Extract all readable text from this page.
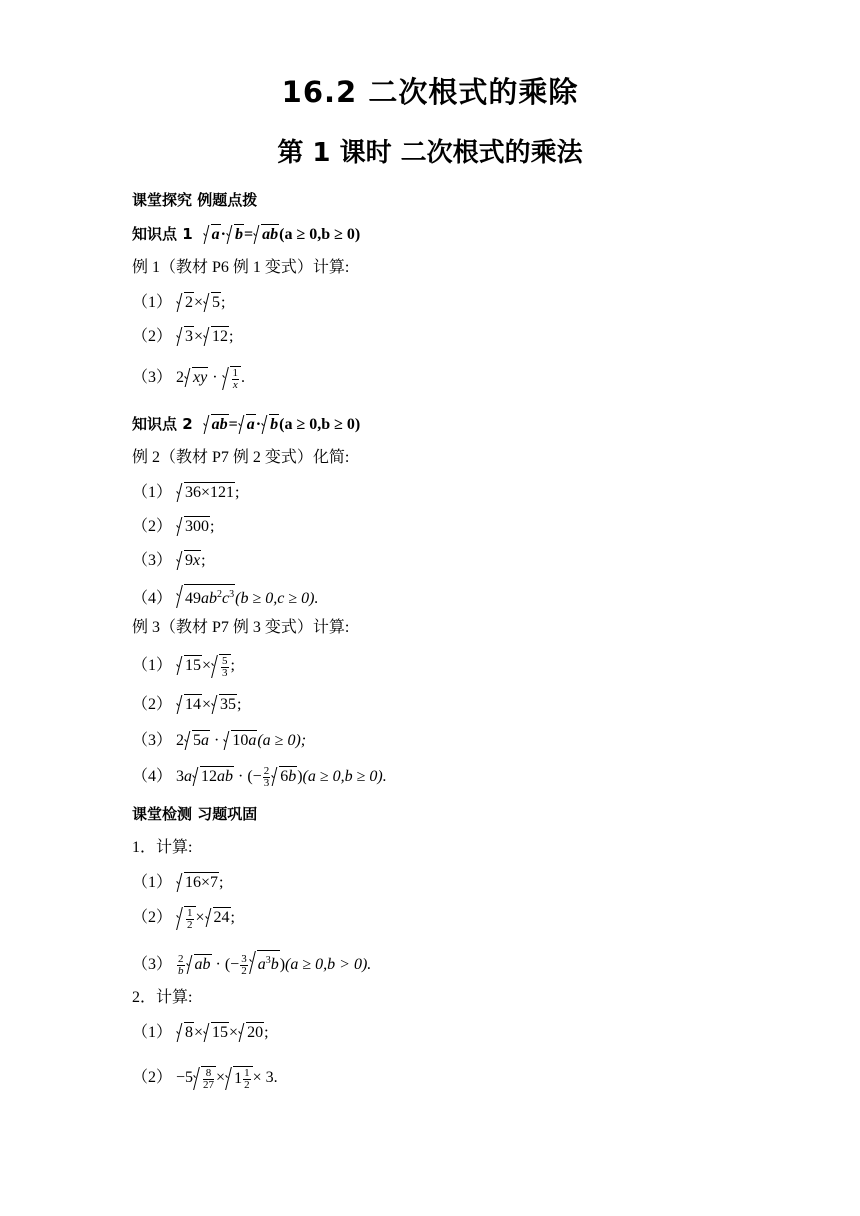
16.2 二次根式的乘除
第 1 课时 二次根式的乘法
课堂探究 例题点拨
知识点 1 a· b= ab(a ≥ 0,b ≥ 0)
例 1（教材 P6 例 1 变式）计算:
（1） 2× 5;
（2） 3× 12;
（3） 2 xy · $\frac{1}{x}$ .
知识点 2 ab= a· b(a ≥ 0,b ≥ 0)
例 2（教材 P7 例 2 变式）化简:
（1） 36×121;
（2） 300;
（3） 9x;
（4） $49ab^2c^3(b \ge 0,c \ge 0)$.
例 3（教材 P7 例 3 变式）计算:
（1） $15\times \frac{5}{3}$ ;
（2） 14× 35;
（3） 2 5a · 10a(a ≥ 0);
（4） 3a 12ab · (− $\frac{2}{3} 6b)(a \ge 0,b \ge 0)$.
课堂检测 习题巩固
1．计算:
（1） 16×7;
$(2) \frac{1}{2} \times 24$;
$(3) \frac{2}{b}$ ab · (− $\frac{3}{2} a^3b)(a \ge 0,b > 0)$.
2．计算:
（1） 8× 15× 20;
$(2) -5 \frac{8}{27} \times 1 \frac{1}{2} \times 3$.
